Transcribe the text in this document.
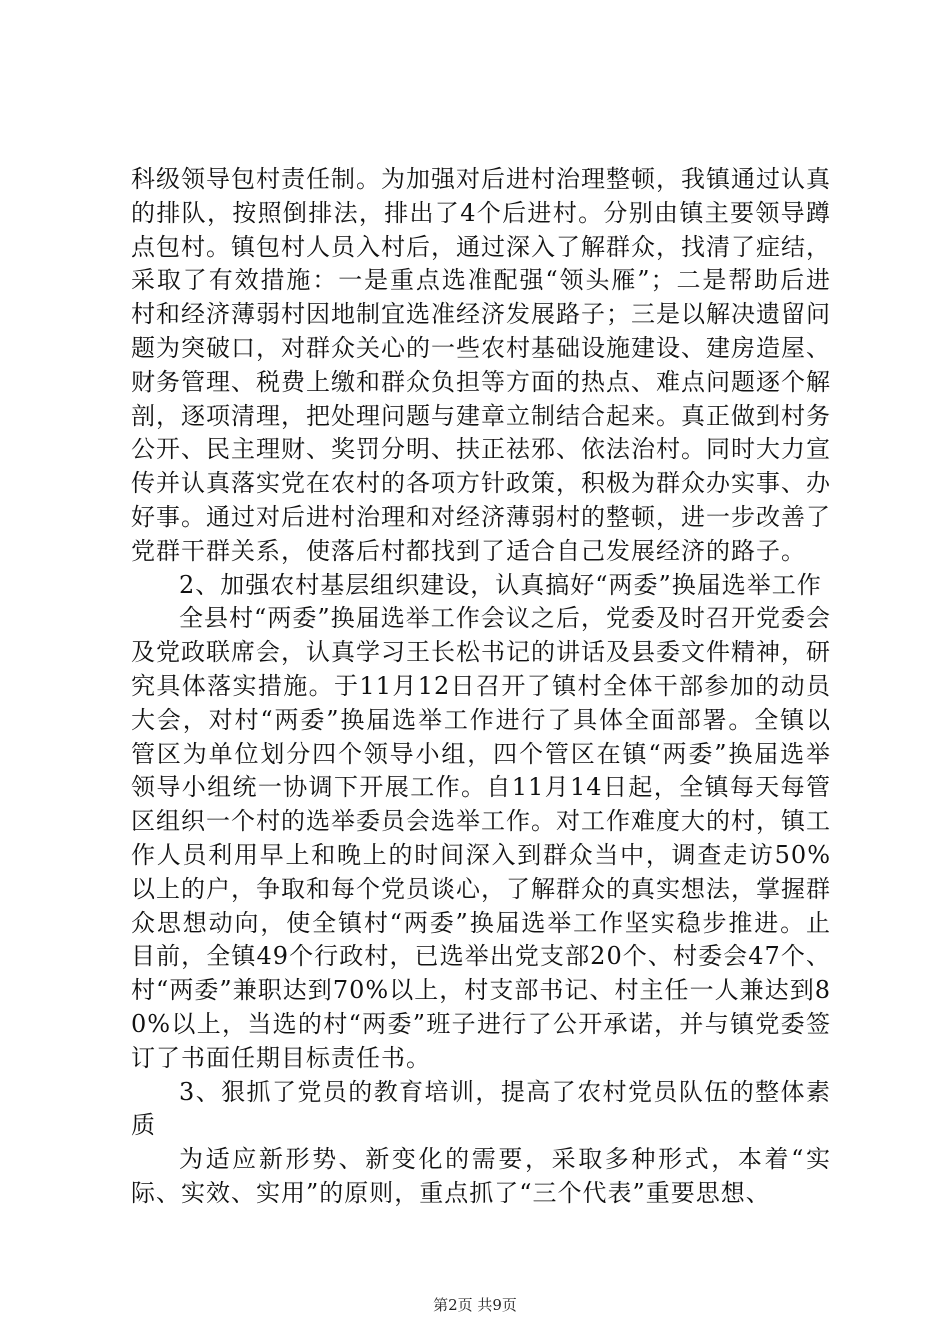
科级领导包村责任制。为加强对后进村治理整顿，我镇通过认真的排队，按照倒排法，排出了4个后进村。分别由镇主要领导蹲点包村。镇包村人员入村后，通过深入了解群众，找清了症结，采取了有效措施：一是重点选准配强“领头雁”；二是帮助后进村和经济薄弱村因地制宜选准经济发展路子；三是以解决遗留问题为突破口，对群众关心的一些农村基础设施建设、建房造屋、财务管理、税费上缴和群众负担等方面的热点、难点问题逐个解剖，逐项清理，把处理问题与建章立制结合起来。真正做到村务公开、民主理财、奖罚分明、扶正祛邪、依法治村。同时大力宣传并认真落实党在农村的各项方针政策，积极为群众办实事、办好事。通过对后进村治理和对经济薄弱村的整顿，进一步改善了党群干群关系，使落后村都找到了适合自己发展经济的路子。

2、加强农村基层组织建设，认真搞好“两委”换届选举工作

全县村“两委”换届选举工作会议之后，党委及时召开党委会及党政联席会，认真学习王长松书记的讲话及县委文件精神，研究具体落实措施。于11月12日召开了镇村全体干部参加的动员大会，对村“两委”换届选举工作进行了具体全面部署。全镇以管区为单位划分四个领导小组，四个管区在镇“两委”换届选举领导小组统一协调下开展工作。自11月14日起，全镇每天每管区组织一个村的选举委员会选举工作。对工作难度大的村，镇工作人员利用早上和晚上的时间深入到群众当中，调查走访50%以上的户，争取和每个党员谈心，了解群众的真实想法，掌握群众思想动向，使全镇村“两委”换届选举工作坚实稳步推进。止目前，全镇49个行政村，已选举出党支部20个、村委会47个、村“两委”兼职达到70%以上，村支部书记、村主任一人兼达到80%以上，当选的村“两委”班子进行了公开承诺，并与镇党委签订了书面任期目标责任书。

3、狠抓了党员的教育培训，提高了农村党员队伍的整体素质

为适应新形势、新变化的需要，采取多种形式，本着“实际、实效、实用”的原则，重点抓了“三个代表”重要思想、

第2页 共9页
